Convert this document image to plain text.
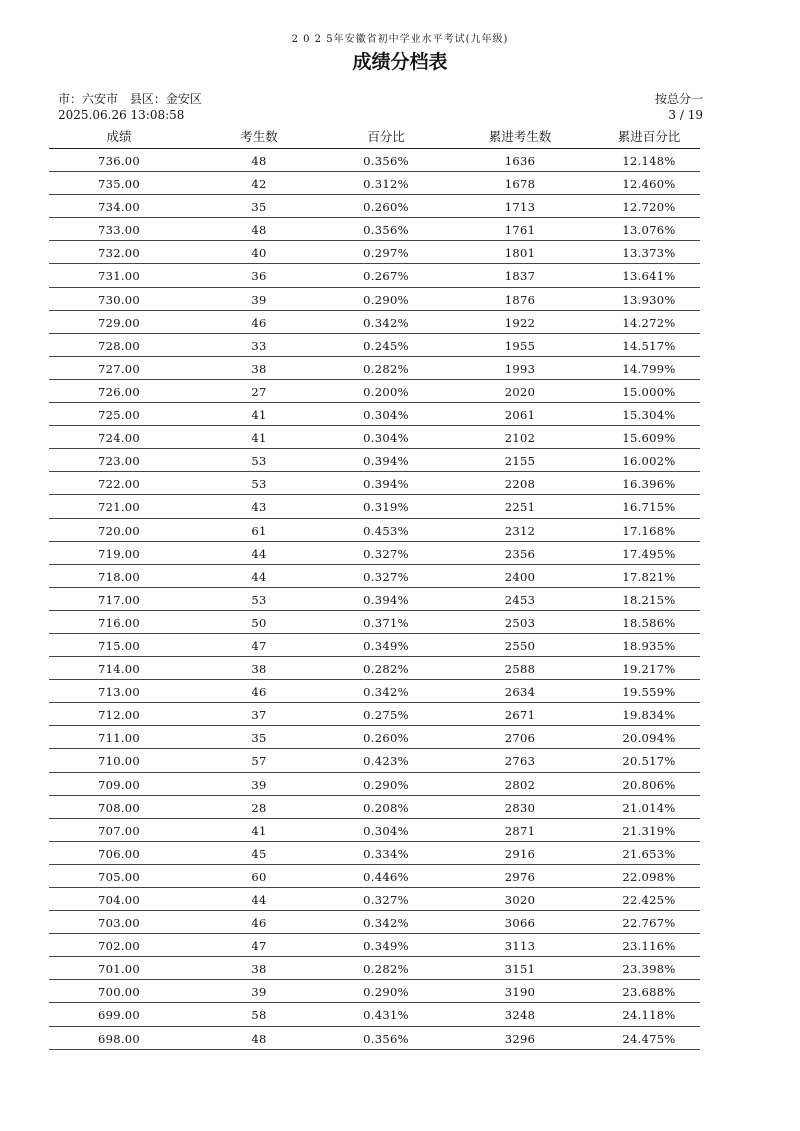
2 0 2 5年安徽省初中学业水平考试(九年级)
成绩分档表
市：六安市 县区：金安区
2025.06.26 13:08:58
按总分一
3 / 19
成绩	考生数	百分比	累进考生数	累进百分比
736.00	48	0.356%	1636	12.148%
735.00	42	0.312%	1678	12.460%
734.00	35	0.260%	1713	12.720%
733.00	48	0.356%	1761	13.076%
732.00	40	0.297%	1801	13.373%
731.00	36	0.267%	1837	13.641%
730.00	39	0.290%	1876	13.930%
729.00	46	0.342%	1922	14.272%
728.00	33	0.245%	1955	14.517%
727.00	38	0.282%	1993	14.799%
726.00	27	0.200%	2020	15.000%
725.00	41	0.304%	2061	15.304%
724.00	41	0.304%	2102	15.609%
723.00	53	0.394%	2155	16.002%
722.00	53	0.394%	2208	16.396%
721.00	43	0.319%	2251	16.715%
720.00	61	0.453%	2312	17.168%
719.00	44	0.327%	2356	17.495%
718.00	44	0.327%	2400	17.821%
717.00	53	0.394%	2453	18.215%
716.00	50	0.371%	2503	18.586%
715.00	47	0.349%	2550	18.935%
714.00	38	0.282%	2588	19.217%
713.00	46	0.342%	2634	19.559%
712.00	37	0.275%	2671	19.834%
711.00	35	0.260%	2706	20.094%
710.00	57	0.423%	2763	20.517%
709.00	39	0.290%	2802	20.806%
708.00	28	0.208%	2830	21.014%
707.00	41	0.304%	2871	21.319%
706.00	45	0.334%	2916	21.653%
705.00	60	0.446%	2976	22.098%
704.00	44	0.327%	3020	22.425%
703.00	46	0.342%	3066	22.767%
702.00	47	0.349%	3113	23.116%
701.00	38	0.282%	3151	23.398%
700.00	39	0.290%	3190	23.688%
699.00	58	0.431%	3248	24.118%
698.00	48	0.356%	3296	24.475%
